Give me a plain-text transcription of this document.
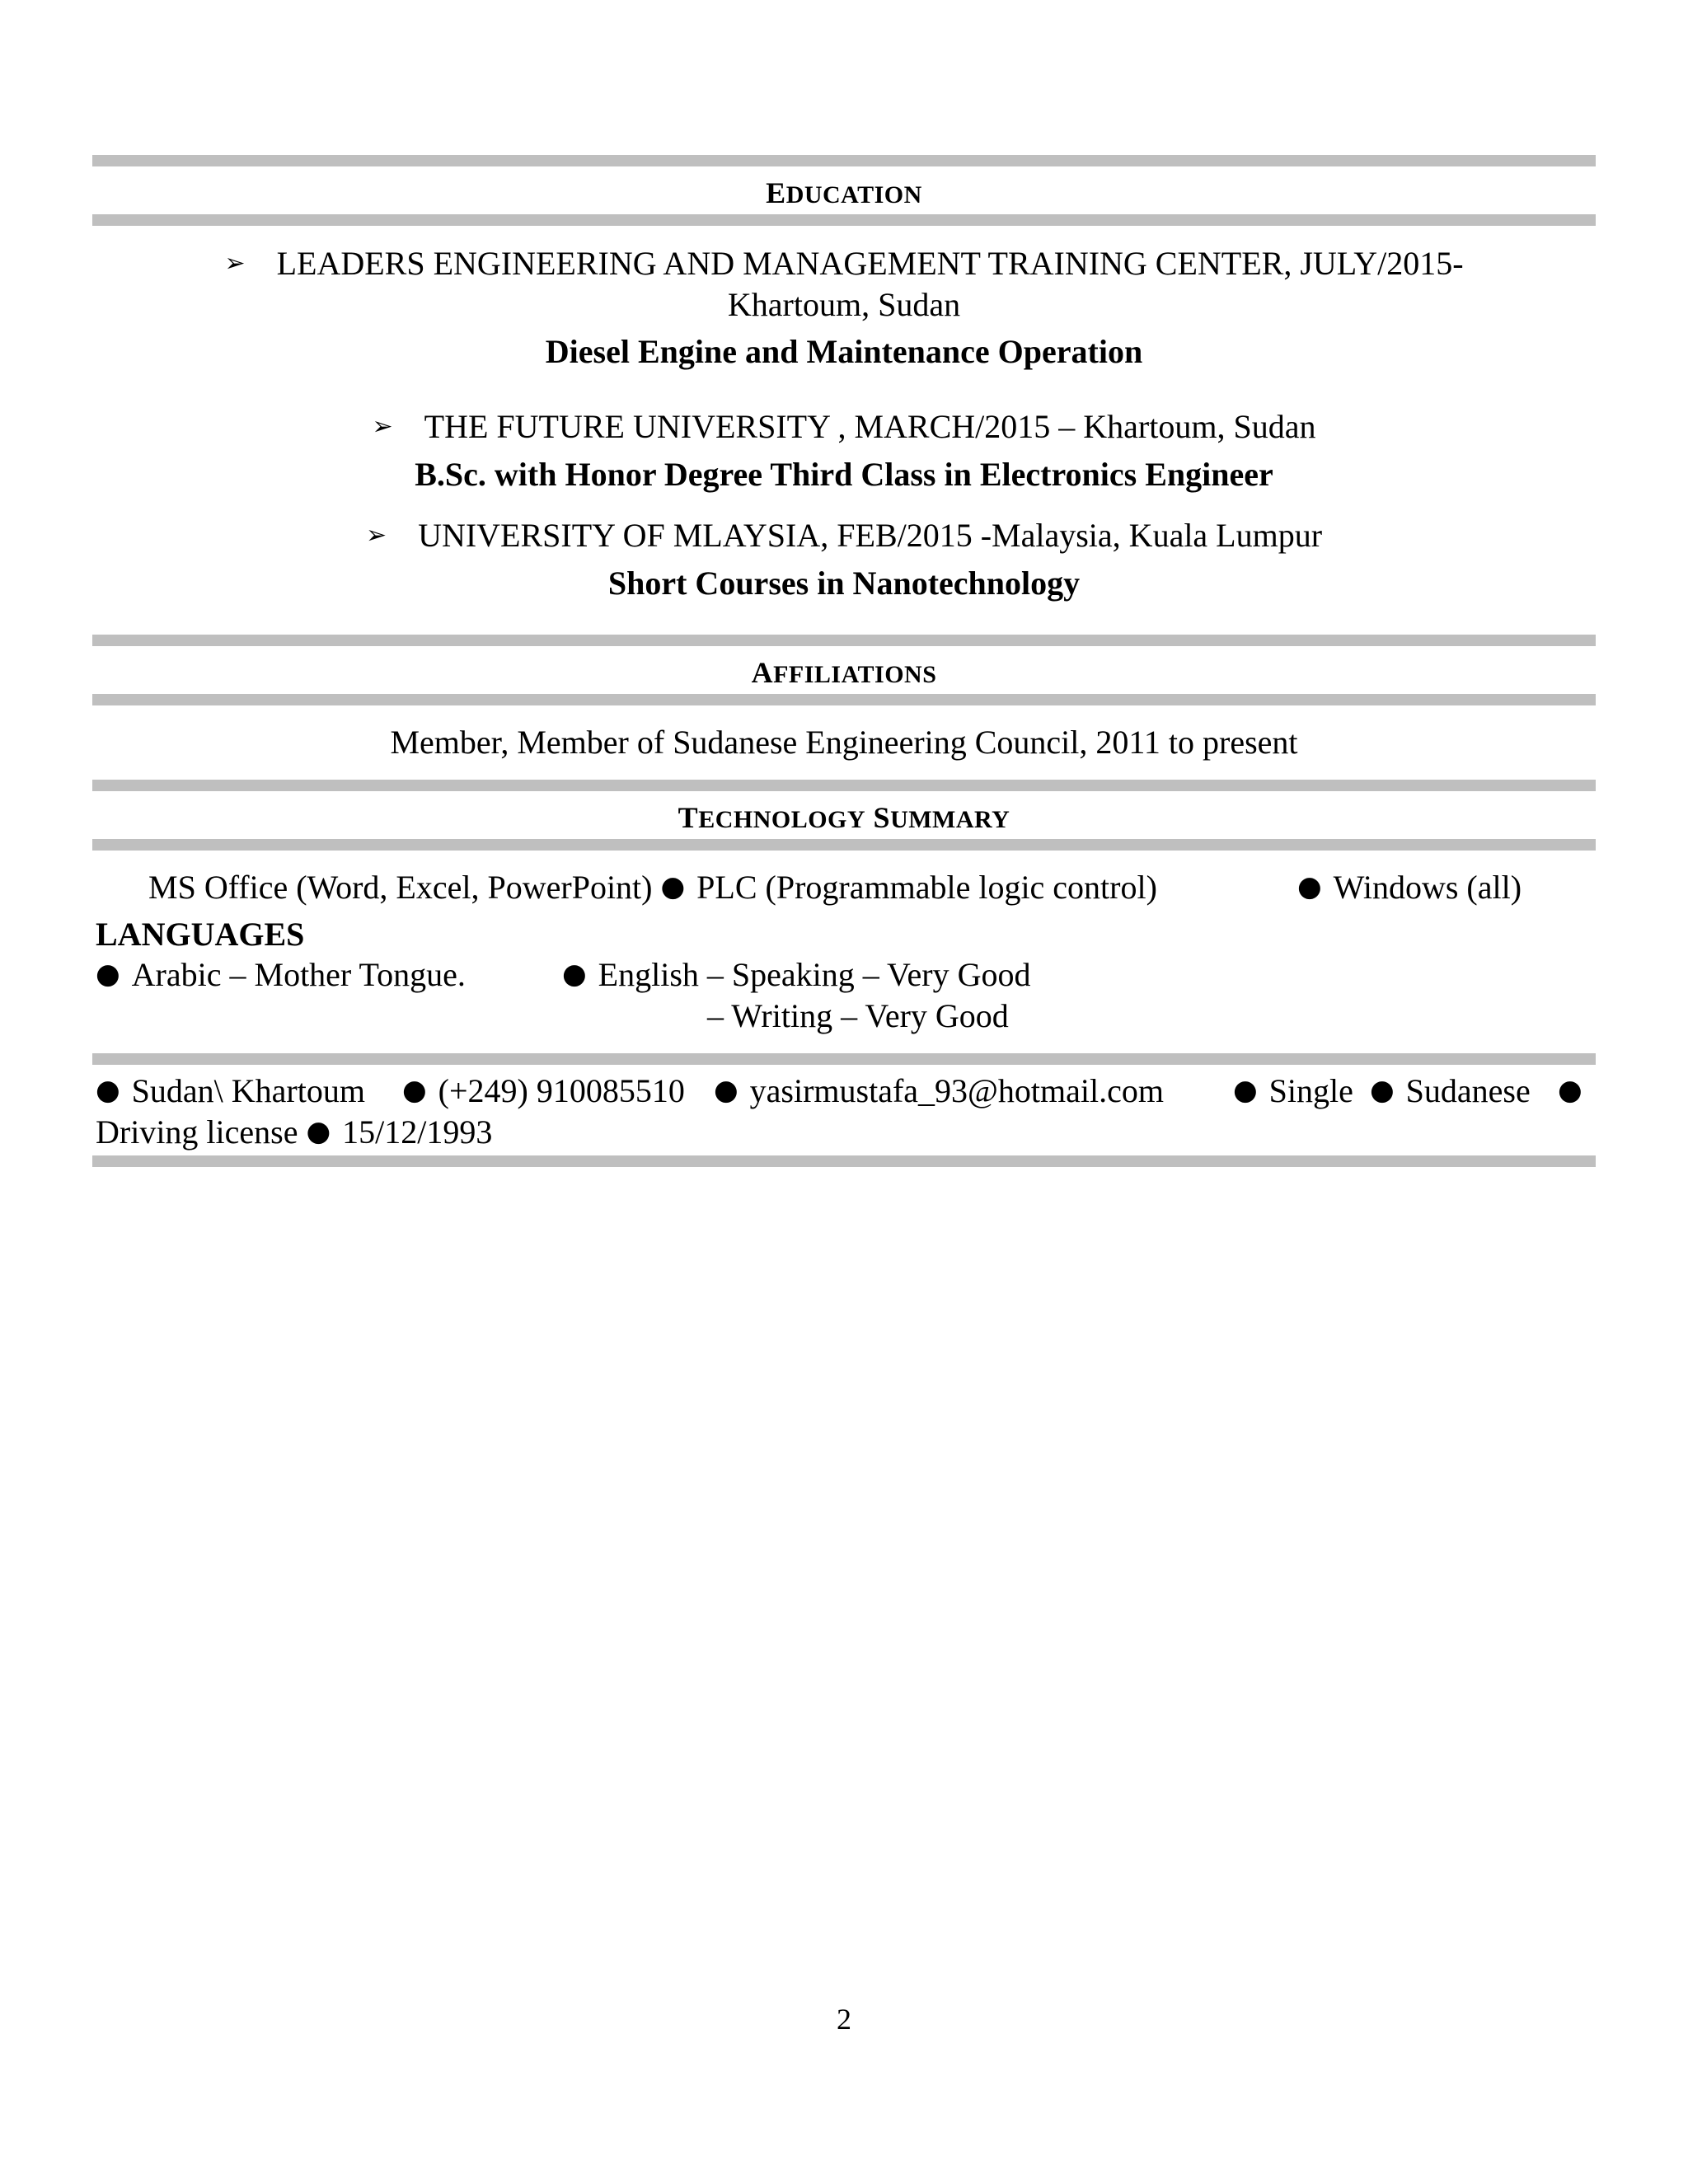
EDUCATION
➢ LEADERS ENGINEERING AND MANAGEMENT TRAINING CENTER, JULY/2015-
Khartoum, Sudan
Diesel Engine and Maintenance Operation
➢ THE FUTURE UNIVERSITY , MARCH/2015 – Khartoum, Sudan
B.Sc. with Honor Degree Third Class in Electronics Engineer
➢ UNIVERSITY OF MLAYSIA, FEB/2015 -Malaysia, Kuala Lumpur
Short Courses in Nanotechnology
AFFILIATIONS
Member, Member of Sudanese Engineering Council, 2011 to present
TECHNOLOGY SUMMARY
MS Office (Word, Excel, PowerPoint) ● PLC (Programmable logic control)	● Windows (all)
LANGUAGES
● Arabic – Mother Tongue.	● English – Speaking – Very Good
– Writing – Very Good
● Sudan\ Khartoum ● (+249) 910085510 ● yasirmustafa_93@hotmail.com ● Single ● Sudanese ●
Driving license ● 15/12/1993
2
